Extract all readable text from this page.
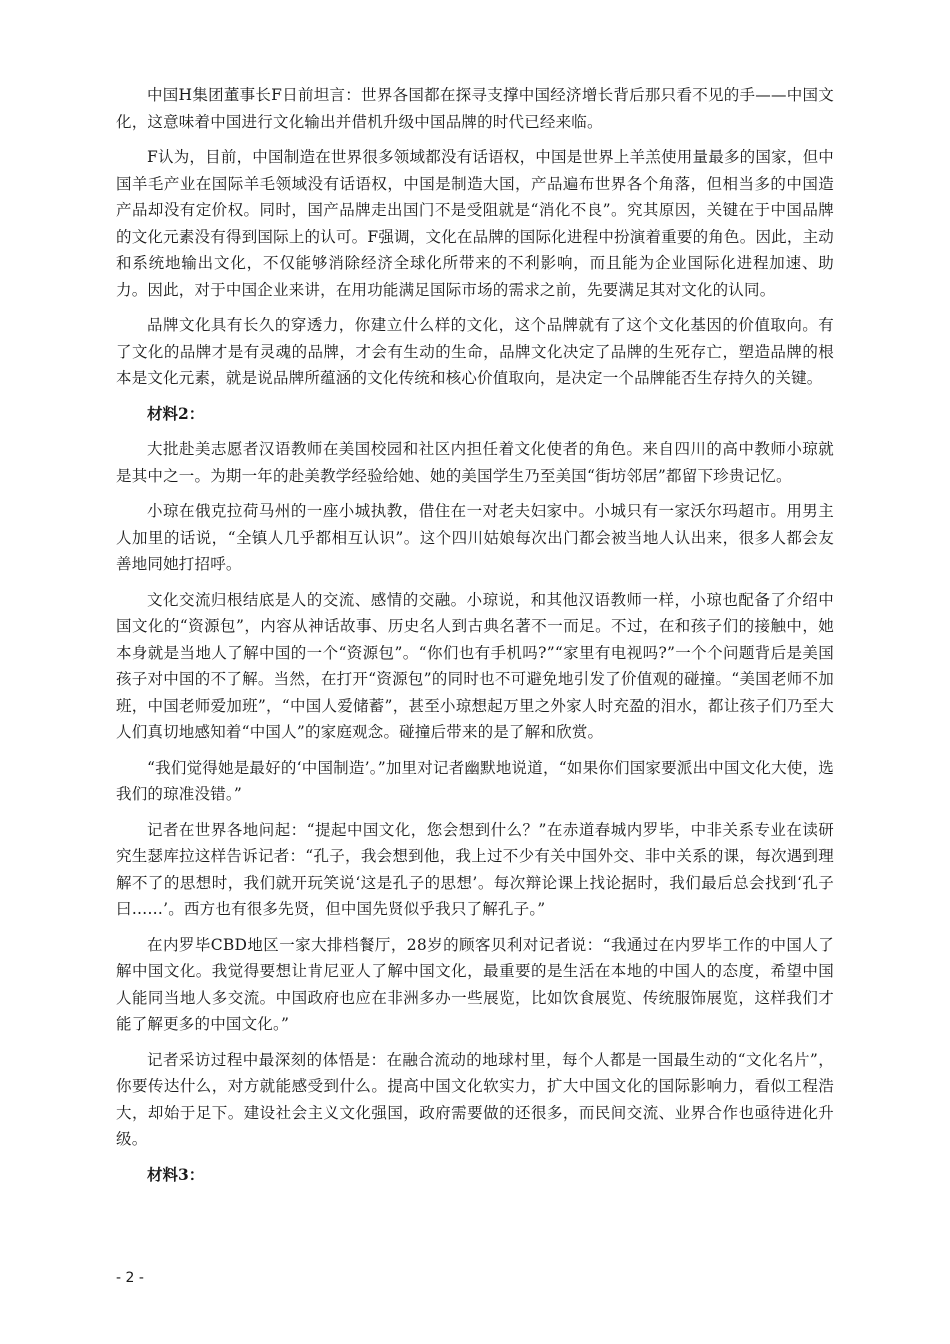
中国H集团董事长F日前坦言：世界各国都在探寻支撑中国经济增长背后那只看不见的手——中国文化，这意味着中国进行文化输出并借机升级中国品牌的时代已经来临。

F认为，目前，中国制造在世界很多领域都没有话语权，中国是世界上羊羔使用量最多的国家，但中国羊毛产业在国际羊毛领域没有话语权，中国是制造大国，产品遍布世界各个角落，但相当多的中国造产品却没有定价权。同时，国产品牌走出国门不是受阻就是“消化不良”。究其原因，关键在于中国品牌的文化元素没有得到国际上的认可。F强调，文化在品牌的国际化进程中扮演着重要的角色。因此，主动和系统地输出文化，不仅能够消除经济全球化所带来的不利影响，而且能为企业国际化进程加速、助力。因此，对于中国企业来讲，在用功能满足国际市场的需求之前，先要满足其对文化的认同。

品牌文化具有长久的穿透力，你建立什么样的文化，这个品牌就有了这个文化基因的价值取向。有了文化的品牌才是有灵魂的品牌，才会有生动的生命，品牌文化决定了品牌的生死存亡，塑造品牌的根本是文化元素，就是说品牌所蕴涵的文化传统和核心价值取向，是决定一个品牌能否生存持久的关键。

材料2：

大批赴美志愿者汉语教师在美国校园和社区内担任着文化使者的角色。来自四川的高中教师小琼就是其中之一。为期一年的赴美教学经验给她、她的美国学生乃至美国“街坊邻居”都留下珍贵记忆。

小琼在俄克拉荷马州的一座小城执教，借住在一对老夫妇家中。小城只有一家沃尔玛超市。用男主人加里的话说，“全镇人几乎都相互认识”。这个四川姑娘每次出门都会被当地人认出来，很多人都会友善地同她打招呼。

文化交流归根结底是人的交流、感情的交融。小琼说，和其他汉语教师一样，小琼也配备了介绍中国文化的“资源包”，内容从神话故事、历史名人到古典名著不一而足。不过，在和孩子们的接触中，她本身就是当地人了解中国的一个“资源包”。“你们也有手机吗?”“家里有电视吗?”一个个问题背后是美国孩子对中国的不了解。当然，在打开“资源包”的同时也不可避免地引发了价值观的碰撞。“美国老师不加班，中国老师爱加班”，“中国人爱储蓄”，甚至小琼想起万里之外家人时充盈的泪水，都让孩子们乃至大人们真切地感知着“中国人”的家庭观念。碰撞后带来的是了解和欣赏。

“我们觉得她是最好的‘中国制造’。”加里对记者幽默地说道，“如果你们国家要派出中国文化大使，选我们的琼准没错。”

记者在世界各地问起：“提起中国文化，您会想到什么？”在赤道春城内罗毕，中非关系专业在读研究生瑟库拉这样告诉记者：“孔子，我会想到他，我上过不少有关中国外交、非中关系的课，每次遇到理解不了的思想时，我们就开玩笑说‘这是孔子的思想’。每次辩论课上找论据时，我们最后总会找到‘孔子曰……’。西方也有很多先贤，但中国先贤似乎我只了解孔子。”

在内罗毕CBD地区一家大排档餐厅，28岁的顾客贝利对记者说：“我通过在内罗毕工作的中国人了解中国文化。我觉得要想让肯尼亚人了解中国文化，最重要的是生活在本地的中国人的态度，希望中国人能同当地人多交流。中国政府也应在非洲多办一些展览，比如饮食展览、传统服饰展览，这样我们才能了解更多的中国文化。”

记者采访过程中最深刻的体悟是：在融合流动的地球村里，每个人都是一国最生动的“文化名片”，你要传达什么，对方就能感受到什么。提高中国文化软实力，扩大中国文化的国际影响力，看似工程浩大，却始于足下。建设社会主义文化强国，政府需要做的还很多，而民间交流、业界合作也亟待进化升级。

材料3：

- 2 -
